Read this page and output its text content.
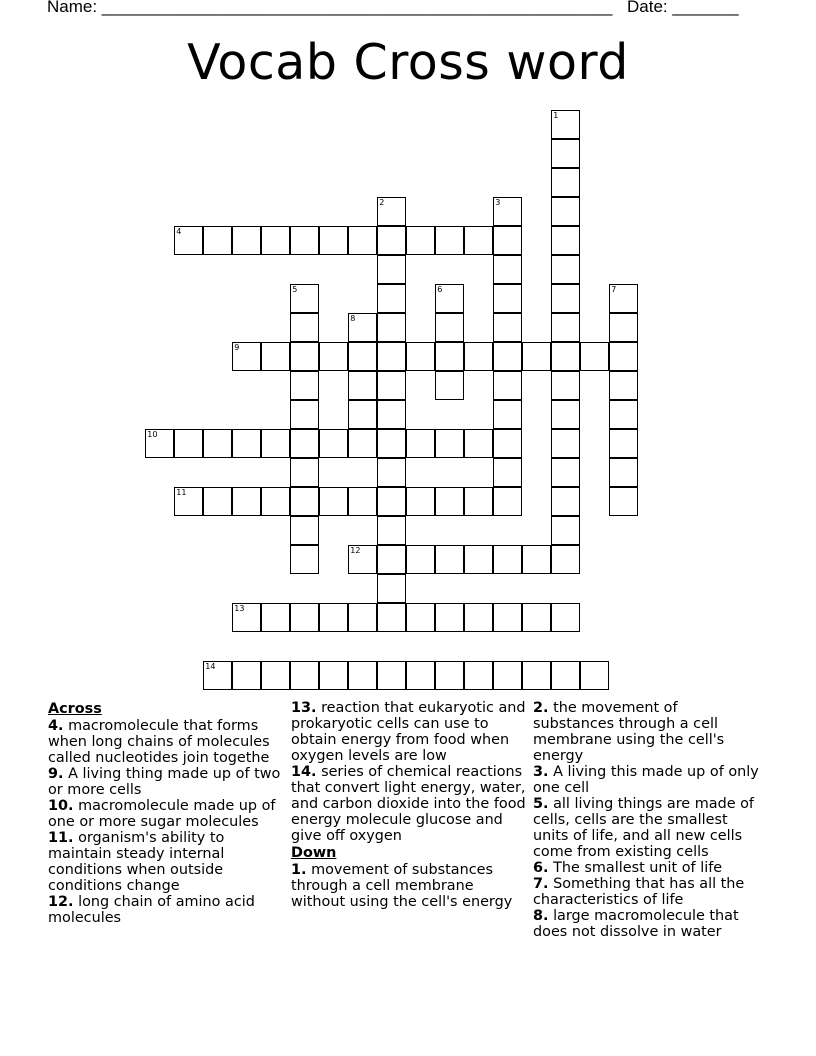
Name: ______________________________________________________ Date: _______
Vocab Cross word
1
2	3
4
5	6	7
8
9
10
11
12
13
14
Across
4. macromolecule that forms when long chains of molecules called nucleotides join togethe
9. A living thing made up of two or more cells
10. macromolecule made up of one or more sugar molecules
11. organism's ability to maintain steady internal conditions when outside conditions change
12. long chain of amino acid molecules
13. reaction that eukaryotic and prokaryotic cells can use to obtain energy from food when oxygen levels are low
14. series of chemical reactions that convert light energy, water, and carbon dioxide into the food energy molecule glucose and give off oxygen
Down
1. movement of substances through a cell membrane without using the cell's energy
2. the movement of substances through a cell membrane using the cell's energy
3. A living this made up of only one cell
5. all living things are made of cells, cells are the smallest units of life, and all new cells come from existing cells
6. The smallest unit of life
7. Something that has all the characteristics of life
8. large macromolecule that does not dissolve in water
